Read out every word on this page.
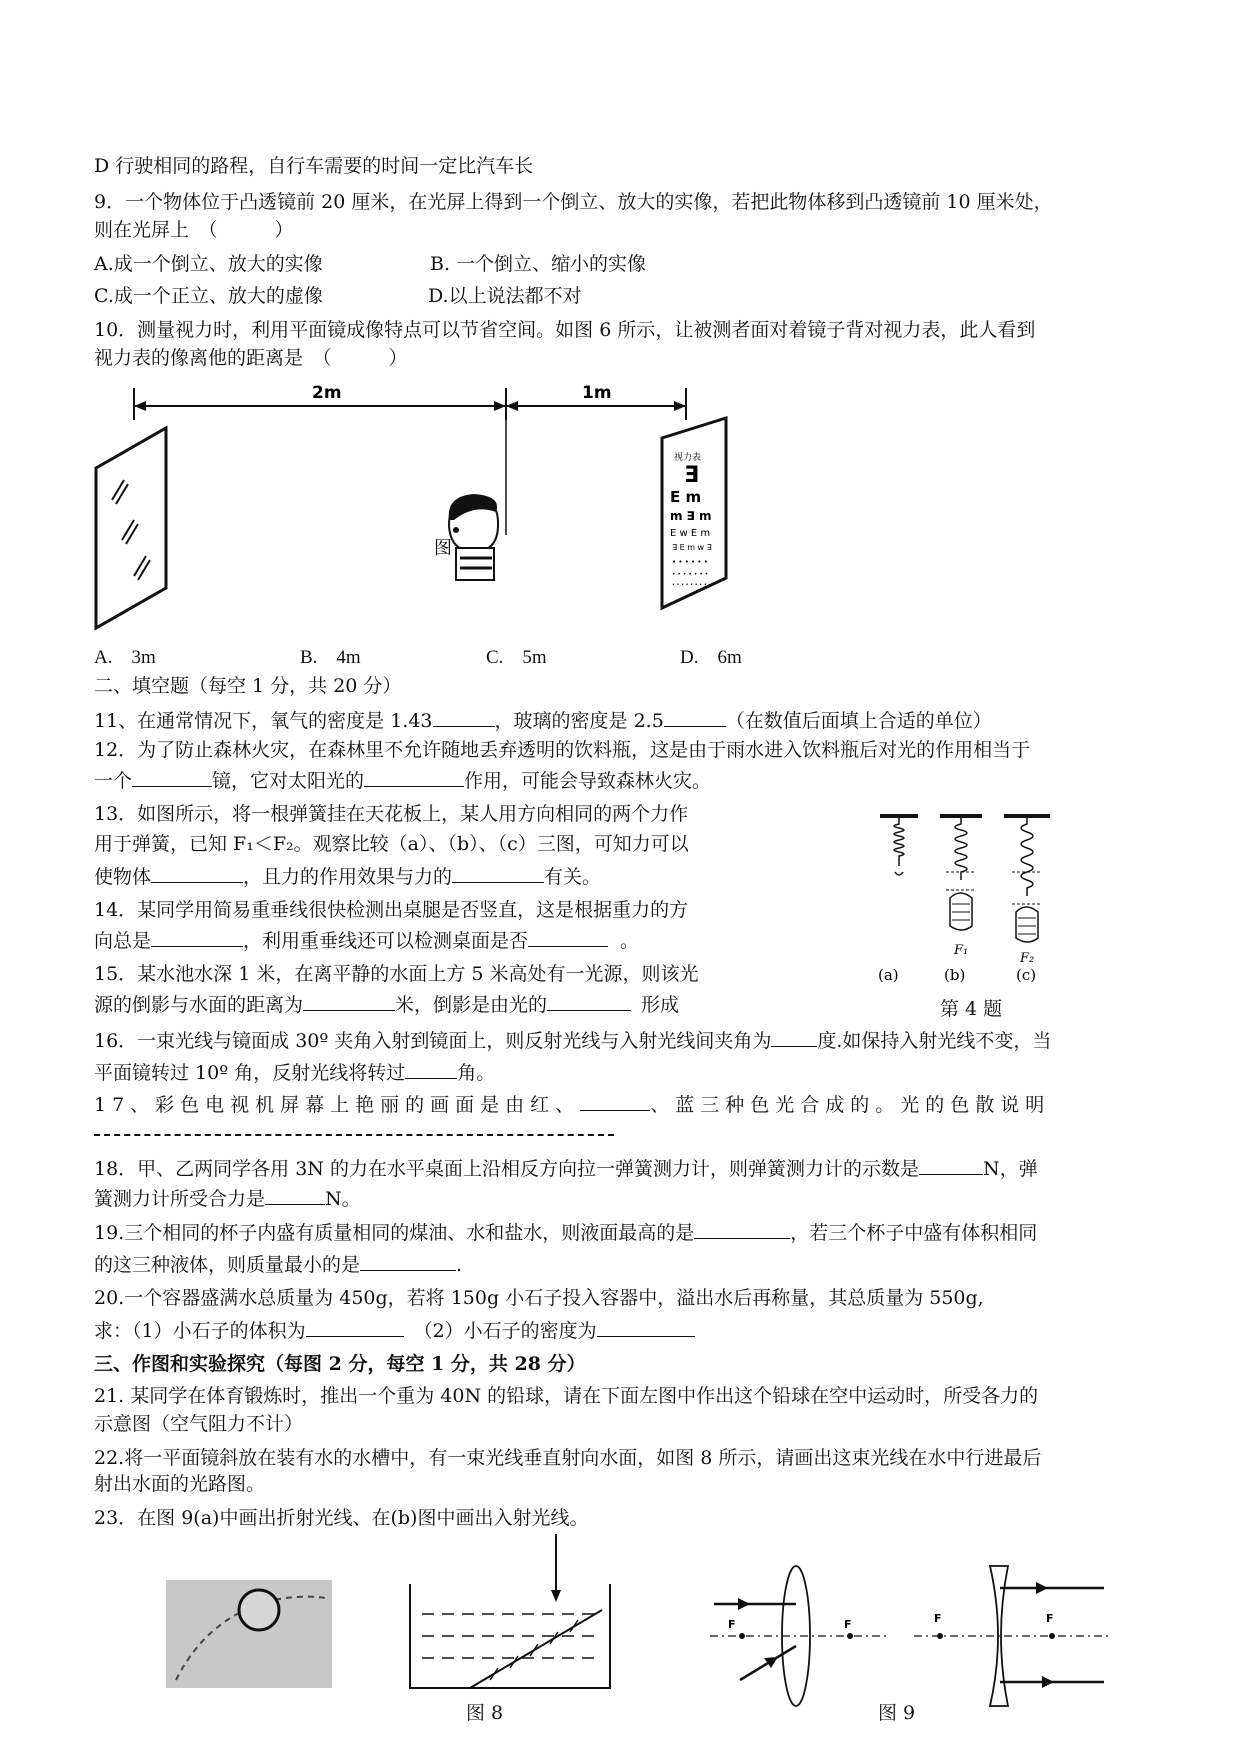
D 行驶相同的路程，自行车需要的时间一定比汽车长
9．一个物体位于凸透镜前 20 厘米，在光屏上得到一个倒立、放大的实像，若把此物体移到凸透镜前 10 厘米处，
则在光屏上　（　　　）
A.成一个倒立、放大的实像	B. 一个倒立、缩小的实像
C.成一个正立、放大的虚像	D.以上说法都不对
10．测量视力时，利用平面镜成像特点可以节省空间。如图 6 所示，让被测者面对着镜子背对视力表，此人看到
视力表的像离他的距离是　（　　　）
2m	1m
图
视力表
Ǝ
E m
m ∃ m
E w E m
∃ E m w ∃
• • • • • •
• • • • • • •
• • • • • • • •
A.　3m	B.　4m	C.　5m	D.　6m
二、填空题（每空 1 分，共 20 分）
11、在通常情况下，氧气的密度是 1.43	，玻璃的密度是 2.5	（在数值后面填上合适的单位）
12．为了防止森林火灾，在森林里不允许随地丢弃透明的饮料瓶，这是由于雨水进入饮料瓶后对光的作用相当于
一个	镜，它对太阳光的	作用，可能会导致森林火灾。
13．如图所示，将一根弹簧挂在天花板上，某人用方向相同的两个力作
用于弹簧，已知 F₁＜F₂。观察比较（a）、（b）、（c）三图，可知力可以
使物体	，且力的作用效果与力的	有关。
14．某同学用简易重垂线很快检测出桌腿是否竖直，这是根据重力的方
向总是	，利用重垂线还可以检测桌面是否	。
15．某水池水深 1 米，在离平静的水面上方 5 米高处有一光源，则该光
源的倒影与水面的距离为	米，倒影是由光的	形成
F₁
F₂
(a)	(b)	(c)
第 4 题
16．一束光线与镜面成 30º 夹角入射到镜面上，则反射光线与入射光线间夹角为 度.如保持入射光线不变，当
平面镜转过 10º 角，反射光线将转过	角。
17、彩色电视机屏幕上艳丽的画面是由红、	、蓝三种色光合成的。光的色散说明
18．甲、乙两同学各用 3N 的力在水平桌面上沿相反方向拉一弹簧测力计，则弹簧测力计的示数是	N，弹
簧测力计所受合力是	N。
19.三个相同的杯子内盛有质量相同的煤油、水和盐水，则液面最高的是	，若三个杯子中盛有体积相同
的这三种液体，则质量最小的是	.
20.一个容器盛满水总质量为 450g，若将 150g 小石子投入容器中，溢出水后再称量，其总质量为 550g,
求：（1）小石子的体积为	（2）小石子的密度为
三、作图和实验探究（每图 2 分，每空 1 分，共 28 分）
21. 某同学在体育锻炼时，推出一个重为 40N 的铅球，请在下面左图中作出这个铅球在空中运动时，所受各力的
示意图（空气阻力不计）
22.将一平面镜斜放在装有水的水槽中，有一束光线垂直射向水面，如图 8 所示，请画出这束光线在水中行进最后
射出水面的光路图。
23．在图 9(a)中画出折射光线、在(b)图中画出入射光线。
图 8
F	F	F	F
图 9
